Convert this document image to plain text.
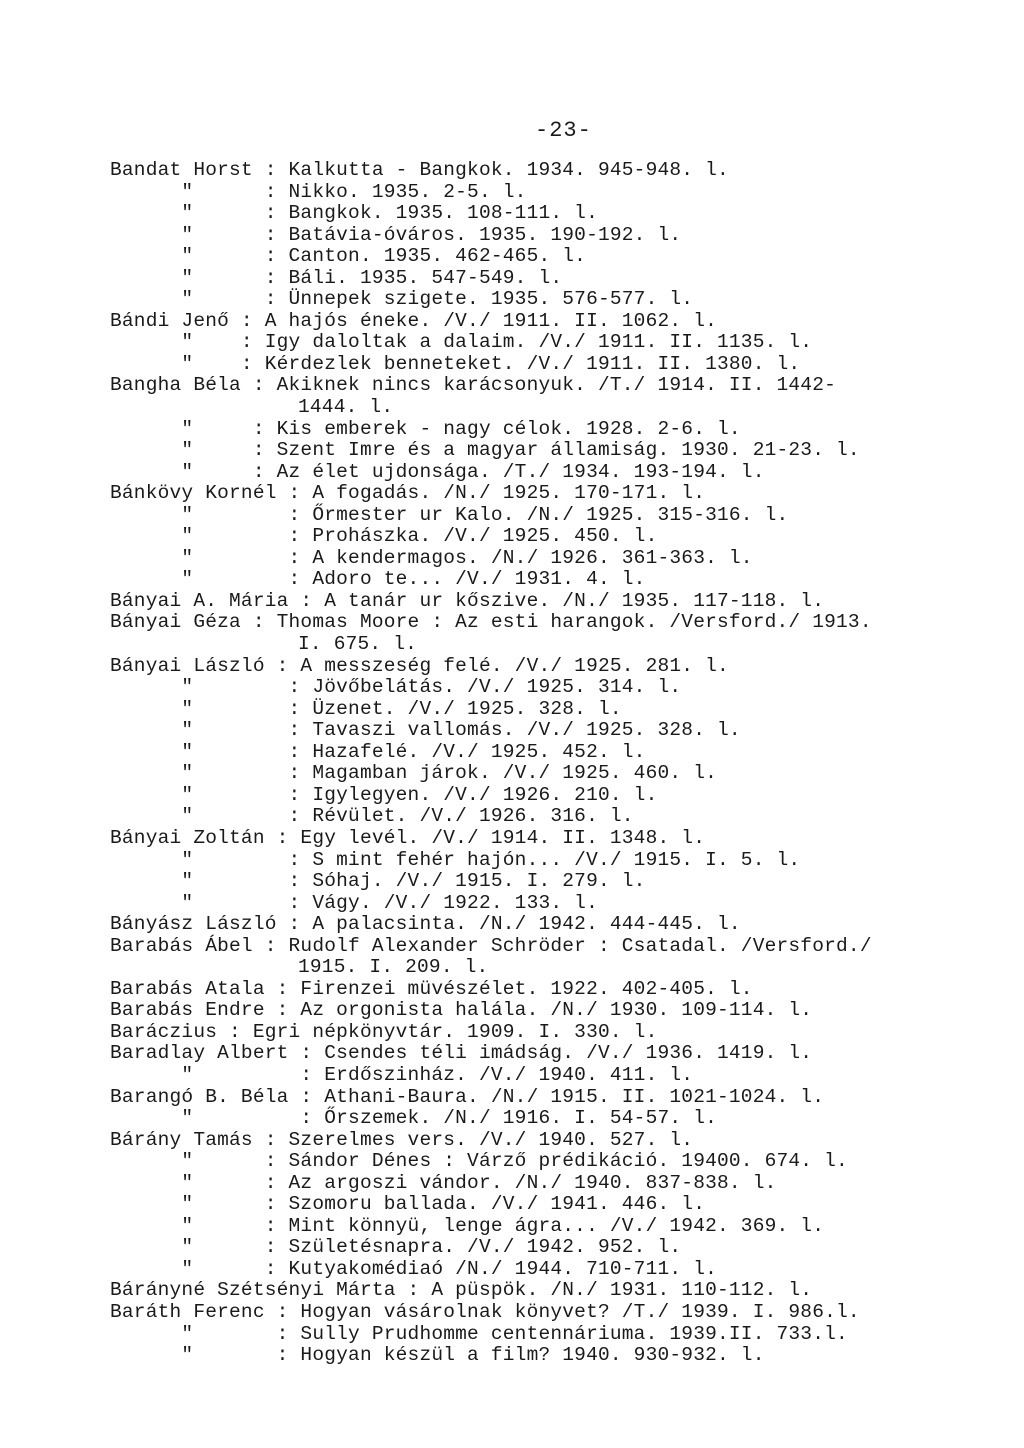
-23-
Bandat Horst : Kalkutta - Bangkok. 1934. 945-948. l.
"      : Nikko. 1935. 2-5. l.
"      : Bangkok. 1935. 108-111. l.
"      : Batávia-óváros. 1935. 190-192. l.
"      : Canton. 1935. 462-465. l.
"      : Báli. 1935. 547-549. l.
"      : Ünnepek szigete. 1935. 576-577. l.
Bándi Jenő : A hajós éneke. /V./ 1911. II. 1062. l.
"    : Igy daloltak a dalaim. /V./ 1911. II. 1135. l.
"    : Kérdezlek benneteket. /V./ 1911. II. 1380. l.
Bangha Béla : Akiknek nincs karácsonyuk. /T./ 1914. II. 1442-
1444. l.
"     : Kis emberek - nagy célok. 1928. 2-6. l.
"     : Szent Imre és a magyar államiság. 1930. 21-23. l.
"     : Az élet ujdonsága. /T./ 1934. 193-194. l.
Bánkövy Kornél : A fogadás. /N./ 1925. 170-171. l.
"        : Őrmester ur Kalo. /N./ 1925. 315-316. l.
"        : Prohászka. /V./ 1925. 450. l.
"        : A kendermagos. /N./ 1926. 361-363. l.
"        : Adoro te... /V./ 1931. 4. l.
Bányai A. Mária : A tanár ur kőszive. /N./ 1935. 117-118. l.
Bányai Géza : Thomas Moore : Az esti harangok. /Versford./ 1913.
I. 675. l.
Bányai László : A messzeség felé. /V./ 1925. 281. l.
"        : Jövőbelátás. /V./ 1925. 314. l.
"        : Üzenet. /V./ 1925. 328. l.
"        : Tavaszi vallomás. /V./ 1925. 328. l.
"        : Hazafelé. /V./ 1925. 452. l.
"        : Magamban járok. /V./ 1925. 460. l.
"        : Igylegyen. /V./ 1926. 210. l.
"        : Révület. /V./ 1926. 316. l.
Bányai Zoltán : Egy levél. /V./ 1914. II. 1348. l.
"        : S mint fehér hajón... /V./ 1915. I. 5. l.
"        : Sóhaj. /V./ 1915. I. 279. l.
"        : Vágy. /V./ 1922. 133. l.
Bányász László : A palacsinta. /N./ 1942. 444-445. l.
Barabás Ábel : Rudolf Alexander Schröder : Csatadal. /Versford./
1915. I. 209. l.
Barabás Atala : Firenzei müvészélet. 1922. 402-405. l.
Barabás Endre : Az orgonista halála. /N./ 1930. 109-114. l.
Baráczius : Egri népkönyvtár. 1909. I. 330. l.
Baradlay Albert : Csendes téli imádság. /V./ 1936. 1419. l.
"         : Erdőszinház. /V./ 1940. 411. l.
Barangó B. Béla : Athani-Baura. /N./ 1915. II. 1021-1024. l.
"         : Őrszemek. /N./ 1916. I. 54-57. l.
Bárány Tamás : Szerelmes vers. /V./ 1940. 527. l.
"      : Sándor Dénes : Várző prédikáció. 19400. 674. l.
"      : Az argoszi vándor. /N./ 1940. 837-838. l.
"      : Szomoru ballada. /V./ 1941. 446. l.
"      : Mint könnyü, lenge ágra... /V./ 1942. 369. l.
"      : Születésnapra. /V./ 1942. 952. l.
"      : Kutyakomédiaó /N./ 1944. 710-711. l.
Bárányné Szétsényi Márta : A püspök. /N./ 1931. 110-112. l.
Baráth Ferenc : Hogyan vásárolnak könyvet? /T./ 1939. I. 986.l.
"       : Sully Prudhomme centennáriuma. 1939.II. 733.l.
"       : Hogyan készül a film? 1940. 930-932. l.
